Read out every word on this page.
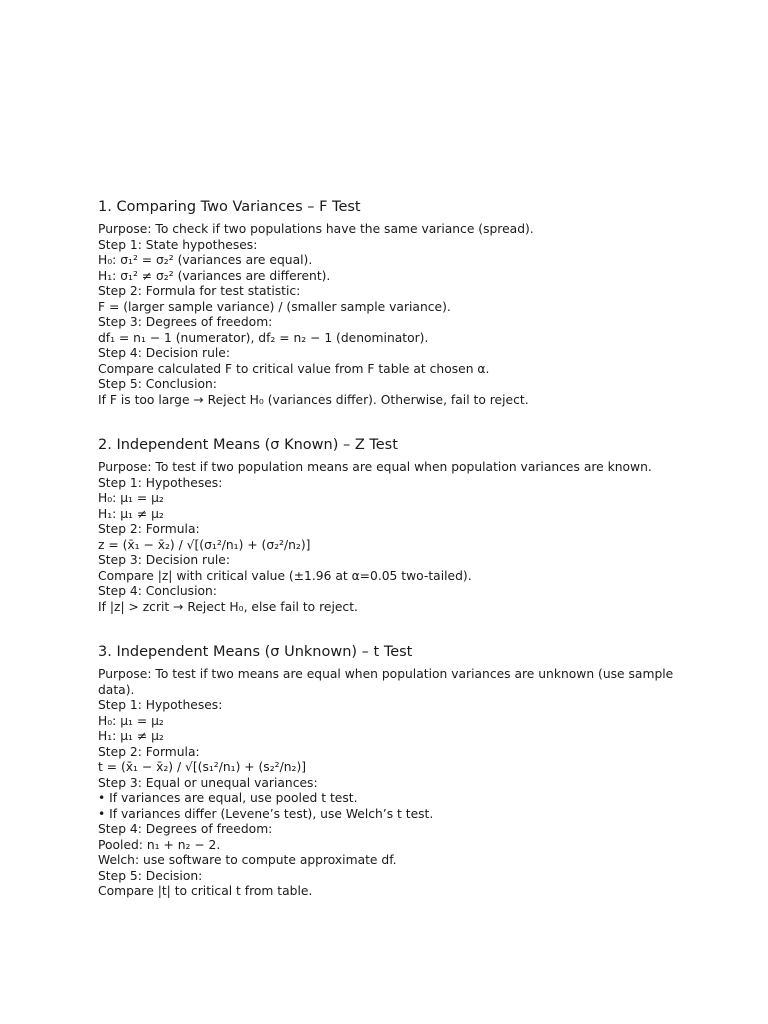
1. Comparing Two Variances – F Test

Purpose: To check if two populations have the same variance (spread).

Step 1: State hypotheses:

H₀: σ₁² = σ₂² (variances are equal).

H₁: σ₁² ≠ σ₂² (variances are different).

Step 2: Formula for test statistic:

F = (larger sample variance) / (smaller sample variance).

Step 3: Degrees of freedom:

df₁ = n₁ − 1 (numerator), df₂ = n₂ − 1 (denominator).

Step 4: Decision rule:

Compare calculated F to critical value from F table at chosen α.

Step 5: Conclusion:

If F is too large → Reject H₀ (variances differ). Otherwise, fail to reject.

2. Independent Means (σ Known) – Z Test

Purpose: To test if two population means are equal when population variances are known.

Step 1: Hypotheses:

H₀: μ₁ = μ₂

H₁: μ₁ ≠ μ₂

Step 2: Formula:

z = (x̄₁ − x̄₂) / √[(σ₁²/n₁) + (σ₂²/n₂)]

Step 3: Decision rule:

Compare |z| with critical value (±1.96 at α=0.05 two-tailed).

Step 4: Conclusion:

If |z| > zcrit → Reject H₀, else fail to reject.

3. Independent Means (σ Unknown) – t Test

Purpose: To test if two means are equal when population variances are unknown (use sample data).

Step 1: Hypotheses:

H₀: μ₁ = μ₂

H₁: μ₁ ≠ μ₂

Step 2: Formula:

t = (x̄₁ − x̄₂) / √[(s₁²/n₁) + (s₂²/n₂)]

Step 3: Equal or unequal variances:

• If variances are equal, use pooled t test.

• If variances differ (Levene’s test), use Welch’s t test.

Step 4: Degrees of freedom:

Pooled: n₁ + n₂ − 2.

Welch: use software to compute approximate df.

Step 5: Decision:

Compare |t| to critical t from table.
